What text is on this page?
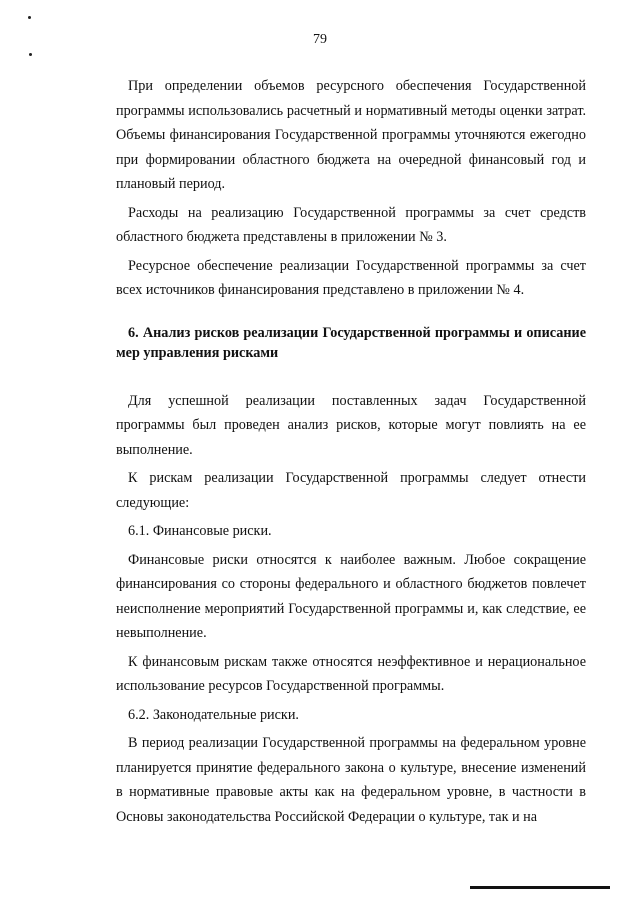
79

При определении объемов ресурсного обеспечения Государственной программы использовались расчетный и нормативный методы оценки затрат. Объемы финансирования Государственной программы уточняются ежегодно при формировании областного бюджета на очередной финансовый год и плановый период.

Расходы на реализацию Государственной программы за счет средств областного бюджета представлены в приложении № 3.

Ресурсное обеспечение реализации Государственной программы за счет всех источников финансирования представлено в приложении № 4.

6. Анализ рисков реализации Государственной программы и описание мер управления рисками

Для успешной реализации поставленных задач Государственной программы был проведен анализ рисков, которые могут повлиять на ее выполнение.

К рискам реализации Государственной программы следует отнести следующие:

6.1. Финансовые риски.

Финансовые риски относятся к наиболее важным. Любое сокращение финансирования со стороны федерального и областного бюджетов повлечет неисполнение мероприятий Государственной программы и, как следствие, ее невыполнение.

К финансовым рискам также относятся неэффективное и нерациональное использование ресурсов Государственной программы.

6.2. Законодательные риски.

В период реализации Государственной программы на федеральном уровне планируется принятие федерального закона о культуре, внесение изменений в нормативные правовые акты как на федеральном уровне, в частности в Основы законодательства Российской Федерации о культуре, так и на
